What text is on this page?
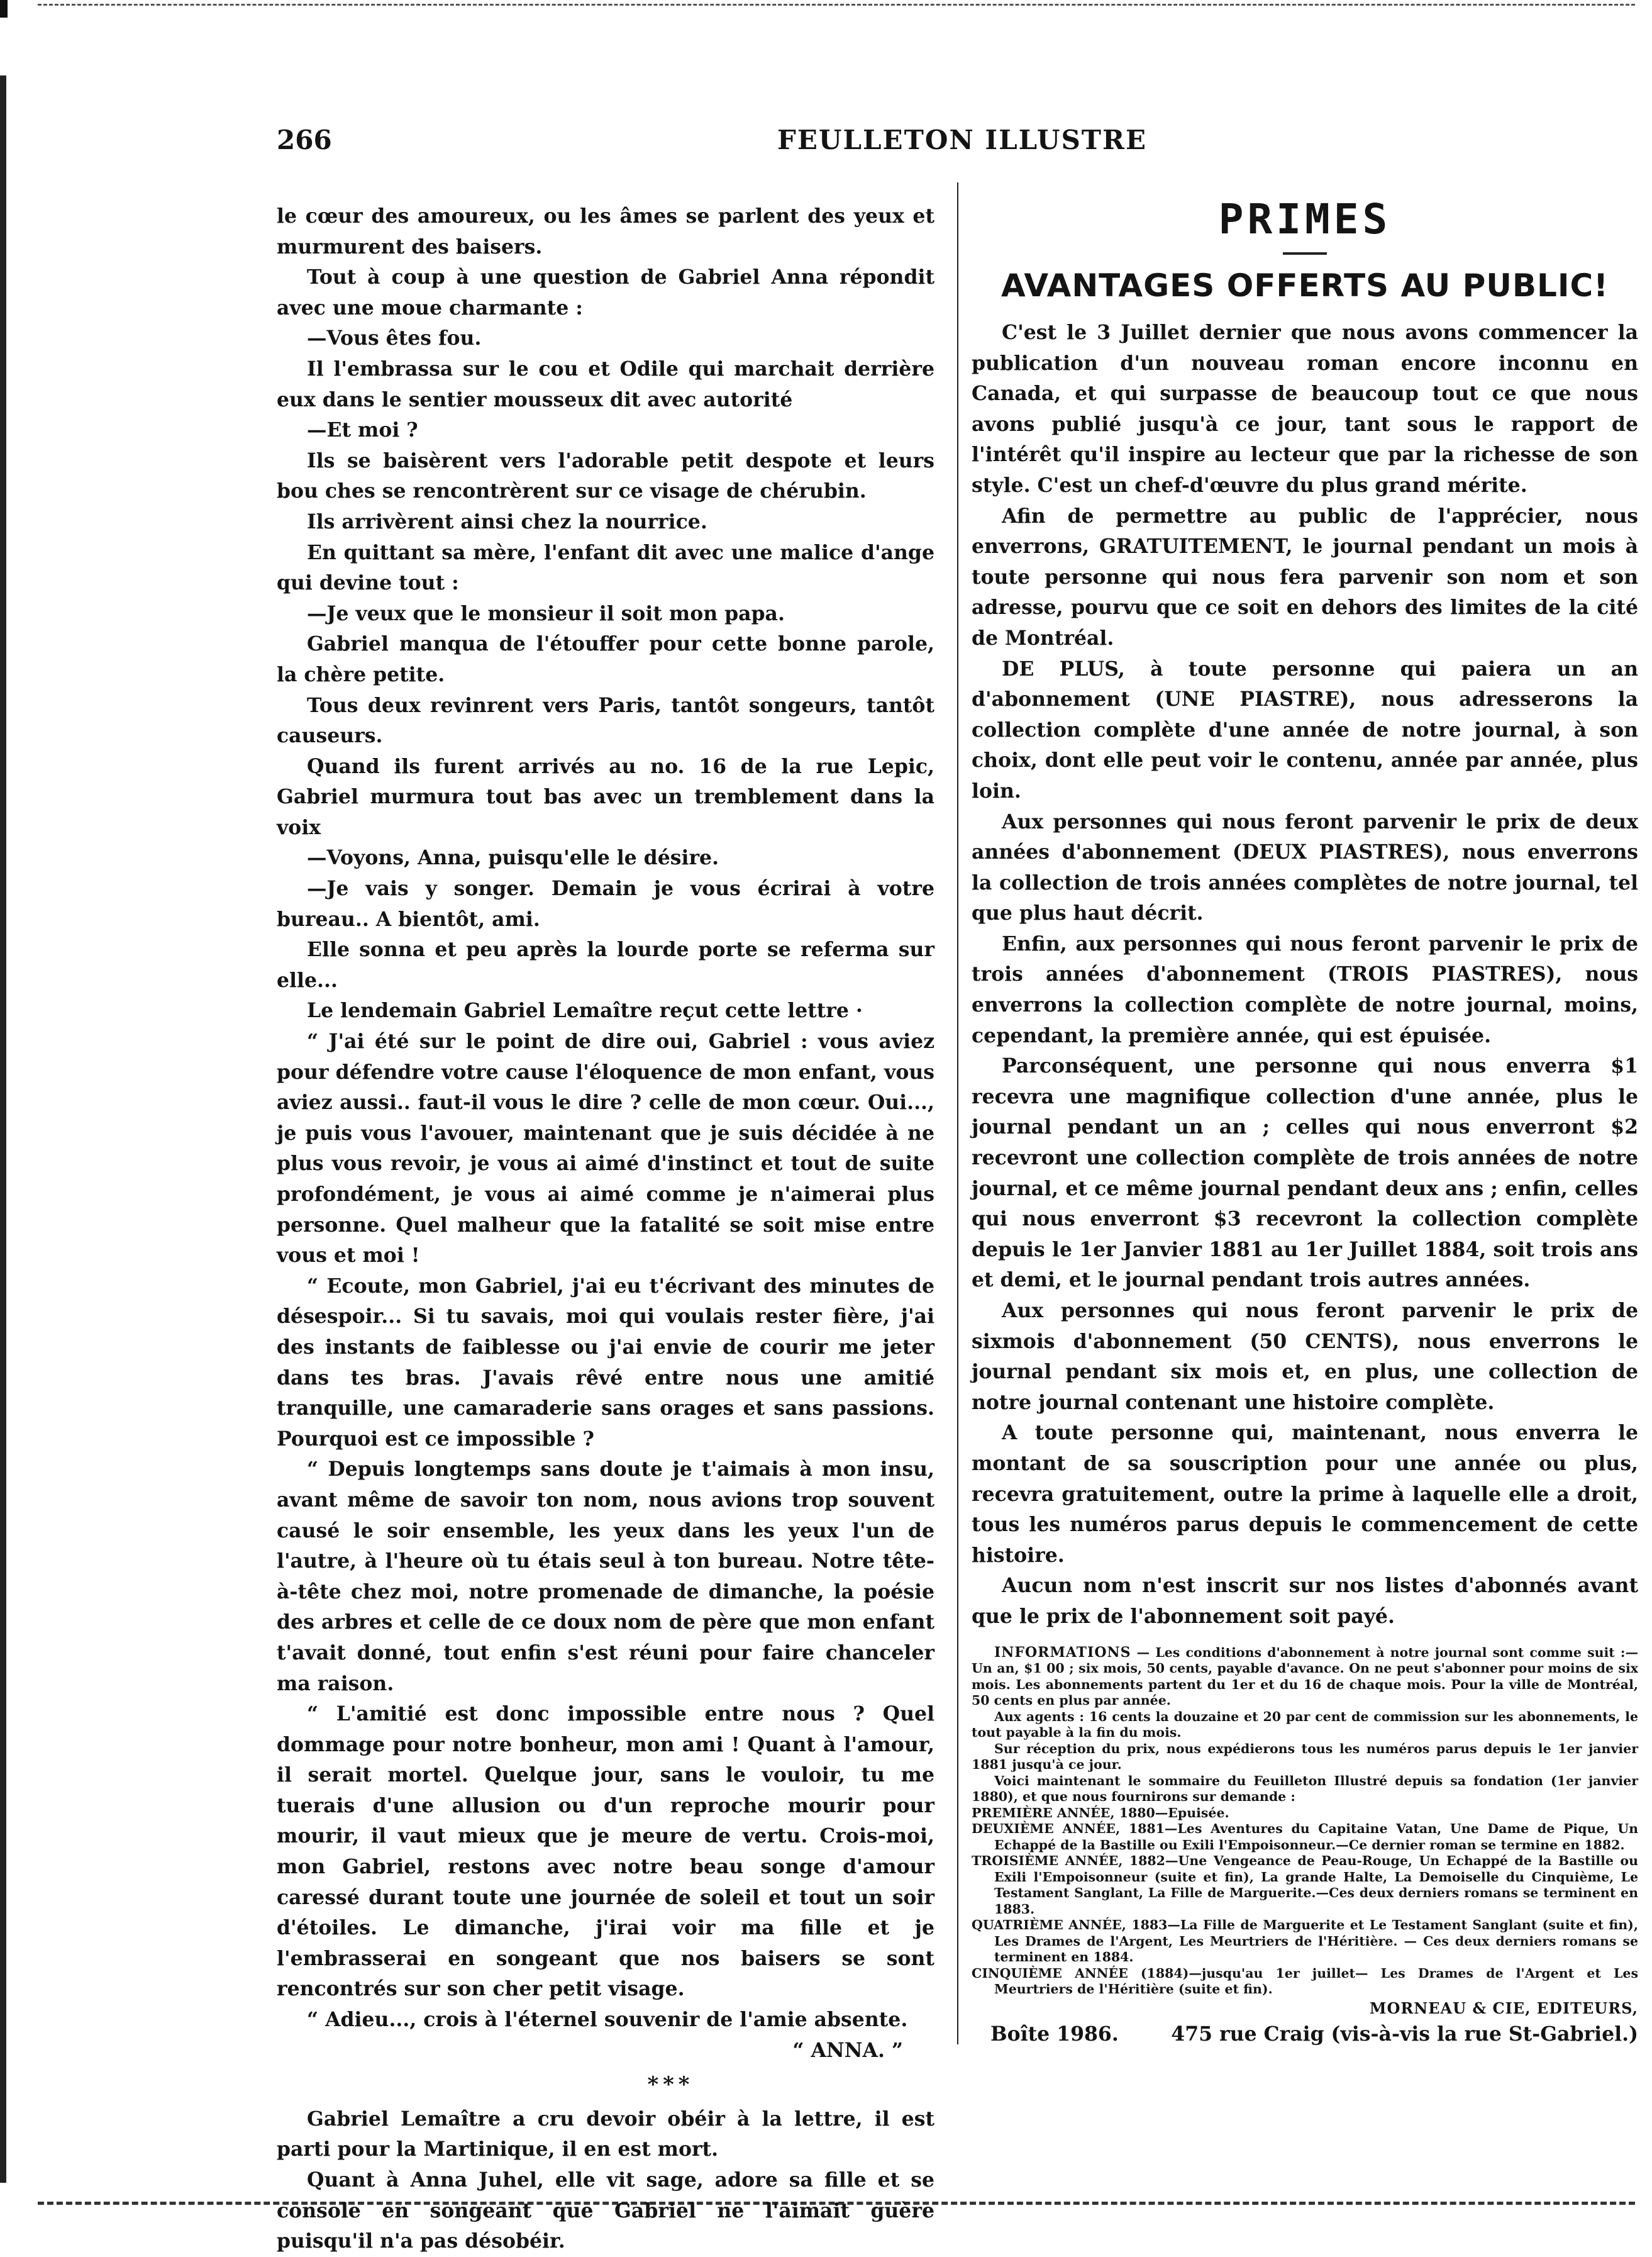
266	FEULLETON ILLUSTRE

le cœur des amoureux, ou les âmes se parlent des yeux et murmurent des baisers.

Tout à coup à une question de Gabriel Anna répondit avec une moue charmante :

—Vous êtes fou.

Il l'embrassa sur le cou et Odile qui marchait derrière eux dans le sentier mousseux dit avec autorité

—Et moi ?

Ils se baisèrent vers l'adorable petit despote et leurs bou ches se rencontrèrent sur ce visage de chérubin.

Ils arrivèrent ainsi chez la nourrice.

En quittant sa mère, l'enfant dit avec une malice d'ange qui devine tout :

—Je veux que le monsieur il soit mon papa.

Gabriel manqua de l'étouffer pour cette bonne parole, la chère petite.

Tous deux revinrent vers Paris, tantôt songeurs, tantôt causeurs.

Quand ils furent arrivés au no. 16 de la rue Lepic, Gabriel murmura tout bas avec un tremblement dans la voix

—Voyons, Anna, puisqu'elle le désire.

—Je vais y songer. Demain je vous écrirai à votre bureau.. A bientôt, ami.

Elle sonna et peu après la lourde porte se referma sur elle...

Le lendemain Gabriel Lemaître reçut cette lettre ·

“ J'ai été sur le point de dire oui, Gabriel : vous aviez pour défendre votre cause l'éloquence de mon enfant, vous aviez aussi.. faut-il vous le dire ? celle de mon cœur. Oui..., je puis vous l'avouer, maintenant que je suis décidée à ne plus vous revoir, je vous ai aimé d'instinct et tout de suite profondément, je vous ai aimé comme je n'aimerai plus personne. Quel malheur que la fatalité se soit mise entre vous et moi !

“ Ecoute, mon Gabriel, j'ai eu t'écrivant des minutes de désespoir... Si tu savais, moi qui voulais rester fière, j'ai des instants de faiblesse ou j'ai envie de courir me jeter dans tes bras. J'avais rêvé entre nous une amitié tranquille, une camaraderie sans orages et sans passions. Pourquoi est ce impossible ?

“ Depuis longtemps sans doute je t'aimais à mon insu, avant même de savoir ton nom, nous avions trop souvent causé le soir ensemble, les yeux dans les yeux l'un de l'autre, à l'heure où tu étais seul à ton bureau. Notre tête-à-tête chez moi, notre promenade de dimanche, la poésie des arbres et celle de ce doux nom de père que mon enfant t'avait donné, tout enfin s'est réuni pour faire chanceler ma raison.

“ L'amitié est donc impossible entre nous ? Quel dommage pour notre bonheur, mon ami ! Quant à l'amour, il serait mortel. Quelque jour, sans le vouloir, tu me tuerais d'une allusion ou d'un reproche mourir pour mourir, il vaut mieux que je meure de vertu. Crois-moi, mon Gabriel, restons avec notre beau songe d'amour caressé durant toute une journée de soleil et tout un soir d'étoiles. Le dimanche, j'irai voir ma fille et je l'embrasserai en songeant que nos baisers se sont rencontrés sur son cher petit visage.

“ Adieu..., crois à l'éternel souvenir de l'amie absente.

“ ANNA. ”

* * *

Gabriel Lemaître a cru devoir obéir à la lettre, il est parti pour la Martinique, il en est mort.

Quant à Anna Juhel, elle vit sage, adore sa fille et se console en songeant que Gabriel ne l'aimait guère puisqu'il n'a pas désobéir.

PRIMES
AVANTAGES OFFERTS AU PUBLIC!

C'est le 3 Juillet dernier que nous avons commencer la publication d'un nouveau roman encore inconnu en Canada, et qui surpasse de beaucoup tout ce que nous avons publié jusqu'à ce jour, tant sous le rapport de l'intérêt qu'il inspire au lecteur que par la richesse de son style. C'est un chef-d'œuvre du plus grand mérite.

Afin de permettre au public de l'apprécier, nous enverrons, GRATUITEMENT, le journal pendant un mois à toute personne qui nous fera parvenir son nom et son adresse, pourvu que ce soit en dehors des limites de la cité de Montréal.

DE PLUS, à toute personne qui paiera un an d'abonnement (UNE PIASTRE), nous adresserons la collection complète d'une année de notre journal, à son choix, dont elle peut voir le contenu, année par année, plus loin.

Aux personnes qui nous feront parvenir le prix de deux années d'abonnement (DEUX PIASTRES), nous enverrons la collection de trois années complètes de notre journal, tel que plus haut décrit.

Enfin, aux personnes qui nous feront parvenir le prix de trois années d'abonnement (TROIS PIASTRES), nous enverrons la collection complète de notre journal, moins, cependant, la première année, qui est épuisée.

Parconséquent, une personne qui nous enverra $1 recevra une magnifique collection d'une année, plus le journal pendant un an ; celles qui nous enverront $2 recevront une collection complète de trois années de notre journal, et ce même journal pendant deux ans ; enfin, celles qui nous enverront $3 recevront la collection complète depuis le 1er Janvier 1881 au 1er Juillet 1884, soit trois ans et demi, et le journal pendant trois autres années.

Aux personnes qui nous feront parvenir le prix de sixmois d'abonnement (50 CENTS), nous enverrons le journal pendant six mois et, en plus, une collection de notre journal contenant une histoire complète.

A toute personne qui, maintenant, nous enverra le montant de sa souscription pour une année ou plus, recevra gratuitement, outre la prime à laquelle elle a droit, tous les numéros parus depuis le commencement de cette histoire.

Aucun nom n'est inscrit sur nos listes d'abonnés avant que le prix de l'abonnement soit payé.

INFORMATIONS — Les conditions d'abonnement à notre journal sont comme suit :—Un an, $1 00 ; six mois, 50 cents, payable d'avance. On ne peut s'abonner pour moins de six mois. Les abonnements partent du 1er et du 16 de chaque mois. Pour la ville de Montréal, 50 cents en plus par année.

Aux agents : 16 cents la douzaine et 20 par cent de commission sur les abonnements, le tout payable à la fin du mois.

Sur réception du prix, nous expédierons tous les numéros parus depuis le 1er janvier 1881 jusqu'à ce jour.

Voici maintenant le sommaire du Feuilleton Illustré depuis sa fondation (1er janvier 1880), et que nous fournirons sur demande :

PREMIÈRE ANNÉE, 1880—Epuisée.

DEUXIÈME ANNÉE, 1881—Les Aventures du Capitaine Vatan, Une Dame de Pique, Un Echappé de la Bastille ou Exili l'Empoisonneur.—Ce dernier roman se termine en 1882.

TROISIÈME ANNÉE, 1882—Une Vengeance de Peau-Rouge, Un Echappé de la Bastille ou Exili l'Empoisonneur (suite et fin), La grande Halte, La Demoiselle du Cinquième, Le Testament Sanglant, La Fille de Marguerite.—Ces deux derniers romans se terminent en 1883.

QUATRIÈME ANNÉE, 1883—La Fille de Marguerite et Le Testament Sanglant (suite et fin), Les Drames de l'Argent, Les Meurtriers de l'Héritière. — Ces deux derniers romans se terminent en 1884.

CINQUIÈME ANNÉE (1884)—jusqu'au 1er juillet— Les Drames de l'Argent et Les Meurtriers de l'Héritière (suite et fin).

MORNEAU & CIE, EDITEURS,
Boîte 1986.	475 rue Craig (vis-à-vis la rue St-Gabriel.)
